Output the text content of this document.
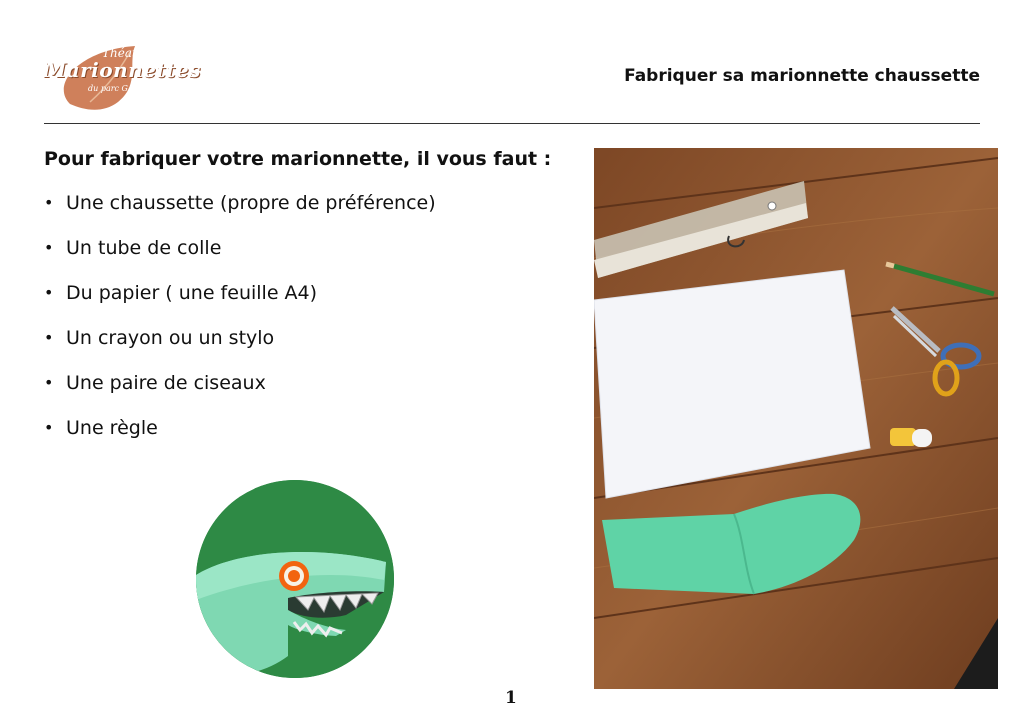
Théatre
Marionnettes
du parc G. Brassens
Fabriquer sa marionnette chaussette
Pour fabriquer votre marionnette, il vous faut :
• Une chaussette (propre de préférence)
• Un tube de colle
• Du papier ( une feuille A4)
• Un crayon ou un stylo
• Une paire de ciseaux
• Une règle
1
